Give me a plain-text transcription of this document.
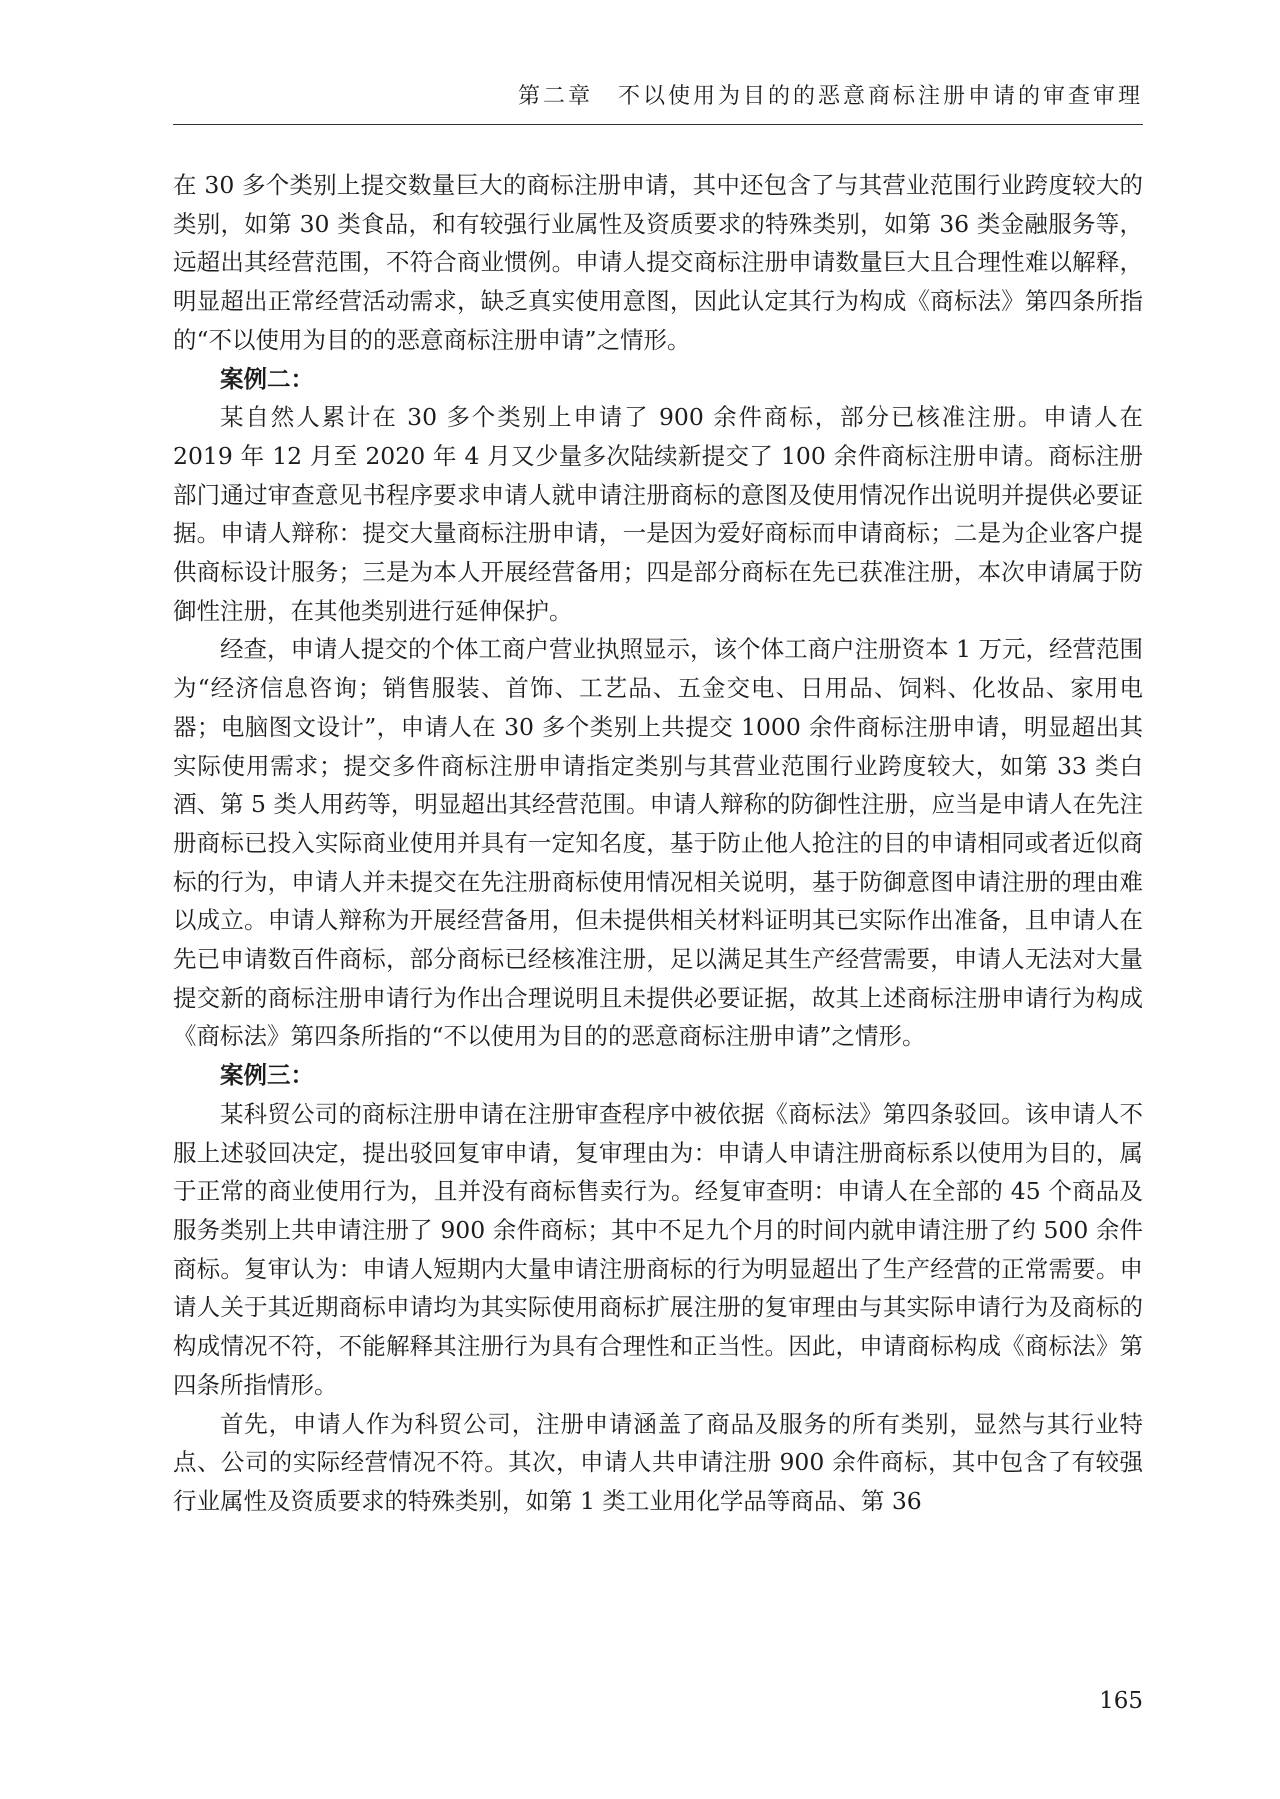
第二章　不以使用为目的的恶意商标注册申请的审查审理

在 30 多个类别上提交数量巨大的商标注册申请，其中还包含了与其营业范围行业跨度较大的类别，如第 30 类食品，和有较强行业属性及资质要求的特殊类别，如第 36 类金融服务等，远超出其经营范围，不符合商业惯例。申请人提交商标注册申请数量巨大且合理性难以解释，明显超出正常经营活动需求，缺乏真实使用意图，因此认定其行为构成《商标法》第四条所指的“不以使用为目的的恶意商标注册申请”之情形。

案例二：

某自然人累计在 30 多个类别上申请了 900 余件商标，部分已核准注册。申请人在 2019 年 12 月至 2020 年 4 月又少量多次陆续新提交了 100 余件商标注册申请。商标注册部门通过审查意见书程序要求申请人就申请注册商标的意图及使用情况作出说明并提供必要证据。申请人辩称：提交大量商标注册申请，一是因为爱好商标而申请商标；二是为企业客户提供商标设计服务；三是为本人开展经营备用；四是部分商标在先已获准注册，本次申请属于防御性注册，在其他类别进行延伸保护。

经查，申请人提交的个体工商户营业执照显示，该个体工商户注册资本 1 万元，经营范围为“经济信息咨询；销售服装、首饰、工艺品、五金交电、日用品、饲料、化妆品、家用电器；电脑图文设计”，申请人在 30 多个类别上共提交 1000 余件商标注册申请，明显超出其实际使用需求；提交多件商标注册申请指定类别与其营业范围行业跨度较大，如第 33 类白酒、第 5 类人用药等，明显超出其经营范围。申请人辩称的防御性注册，应当是申请人在先注册商标已投入实际商业使用并具有一定知名度，基于防止他人抢注的目的申请相同或者近似商标的行为，申请人并未提交在先注册商标使用情况相关说明，基于防御意图申请注册的理由难以成立。申请人辩称为开展经营备用，但未提供相关材料证明其已实际作出准备，且申请人在先已申请数百件商标，部分商标已经核准注册，足以满足其生产经营需要，申请人无法对大量提交新的商标注册申请行为作出合理说明且未提供必要证据，故其上述商标注册申请行为构成《商标法》第四条所指的“不以使用为目的的恶意商标注册申请”之情形。

案例三：

某科贸公司的商标注册申请在注册审查程序中被依据《商标法》第四条驳回。该申请人不服上述驳回决定，提出驳回复审申请，复审理由为：申请人申请注册商标系以使用为目的，属于正常的商业使用行为，且并没有商标售卖行为。经复审查明：申请人在全部的 45 个商品及服务类别上共申请注册了 900 余件商标；其中不足九个月的时间内就申请注册了约 500 余件商标。复审认为：申请人短期内大量申请注册商标的行为明显超出了生产经营的正常需要。申请人关于其近期商标申请均为其实际使用商标扩展注册的复审理由与其实际申请行为及商标的构成情况不符，不能解释其注册行为具有合理性和正当性。因此，申请商标构成《商标法》第四条所指情形。

首先，申请人作为科贸公司，注册申请涵盖了商品及服务的所有类别，显然与其行业特点、公司的实际经营情况不符。其次，申请人共申请注册 900 余件商标，其中包含了有较强行业属性及资质要求的特殊类别，如第 1 类工业用化学品等商品、第 36

165
